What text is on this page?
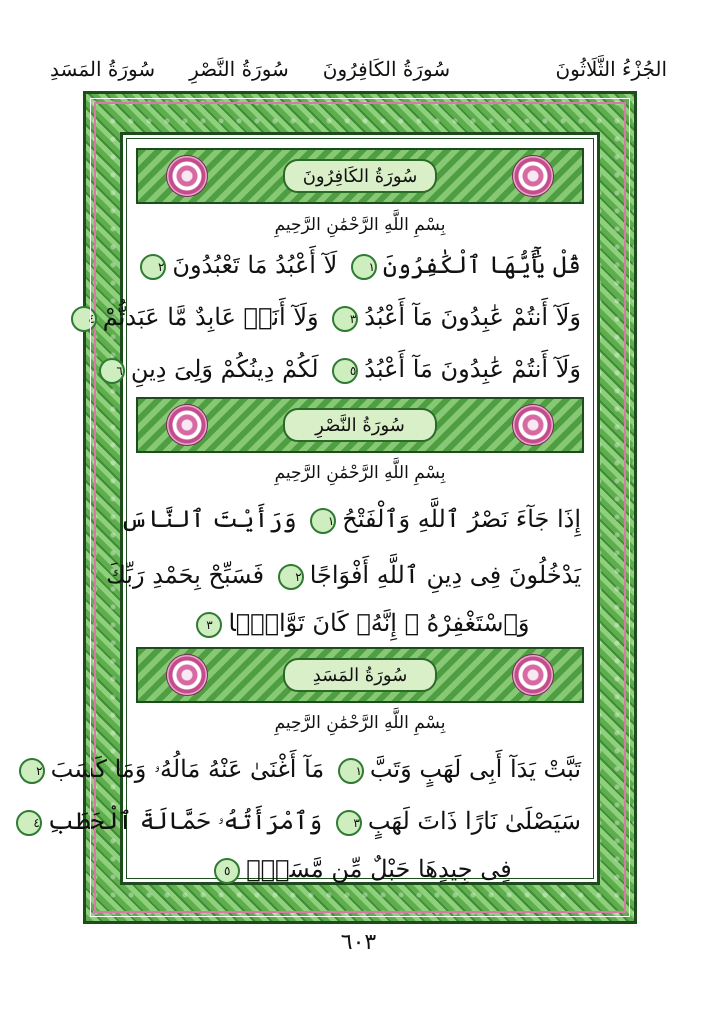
الجُزْءُ الثَّلَاثُونَ
سُورَةُ الكَافِرُونَ
سُورَةُ النَّصْرِ
سُورَةُ المَسَدِ
سُورَةُ الكَافِرُونَ
بِسْمِ اللَّهِ الرَّحْمَٰنِ الرَّحِيمِ
قُلْ يَٰٓأَيُّهَا ٱلْكَٰفِرُونَ١ لَآ أَعْبُدُ مَا تَعْبُدُونَ٢
وَلَآ أَنتُمْ عَٰبِدُونَ مَآ أَعْبُدُ٣ وَلَآ أَنَا۠ عَابِدٌ مَّا عَبَدتُّمْ٤
وَلَآ أَنتُمْ عَٰبِدُونَ مَآ أَعْبُدُ٥ لَكُمْ دِينُكُمْ وَلِىَ دِينِ٦
سُورَةُ النَّصْرِ
بِسْمِ اللَّهِ الرَّحْمَٰنِ الرَّحِيمِ
إِذَا جَآءَ نَصْرُ ٱللَّهِ وَٱلْفَتْحُ١ وَرَأَيْتَ ٱلنَّاسَ
يَدْخُلُونَ فِى دِينِ ٱللَّهِ أَفْوَاجًا٢ فَسَبِّحْ بِحَمْدِ رَبِّكَ
وَٱسْتَغْفِرْهُ ۚ إِنَّهُۥ كَانَ تَوَّابًۢا٣
سُورَةُ المَسَدِ
بِسْمِ اللَّهِ الرَّحْمَٰنِ الرَّحِيمِ
تَبَّتْ يَدَآ أَبِى لَهَبٍ وَتَبَّ١ مَآ أَغْنَىٰ عَنْهُ مَالُهُۥ وَمَا كَسَبَ٢
سَيَصْلَىٰ نَارًا ذَاتَ لَهَبٍ٣ وَٱمْرَأَتُهُۥ حَمَّالَةَ ٱلْحَطَبِ٤
فِى جِيدِهَا حَبْلٌ مِّن مَّسَدٍۭ٥
٦٠٣
